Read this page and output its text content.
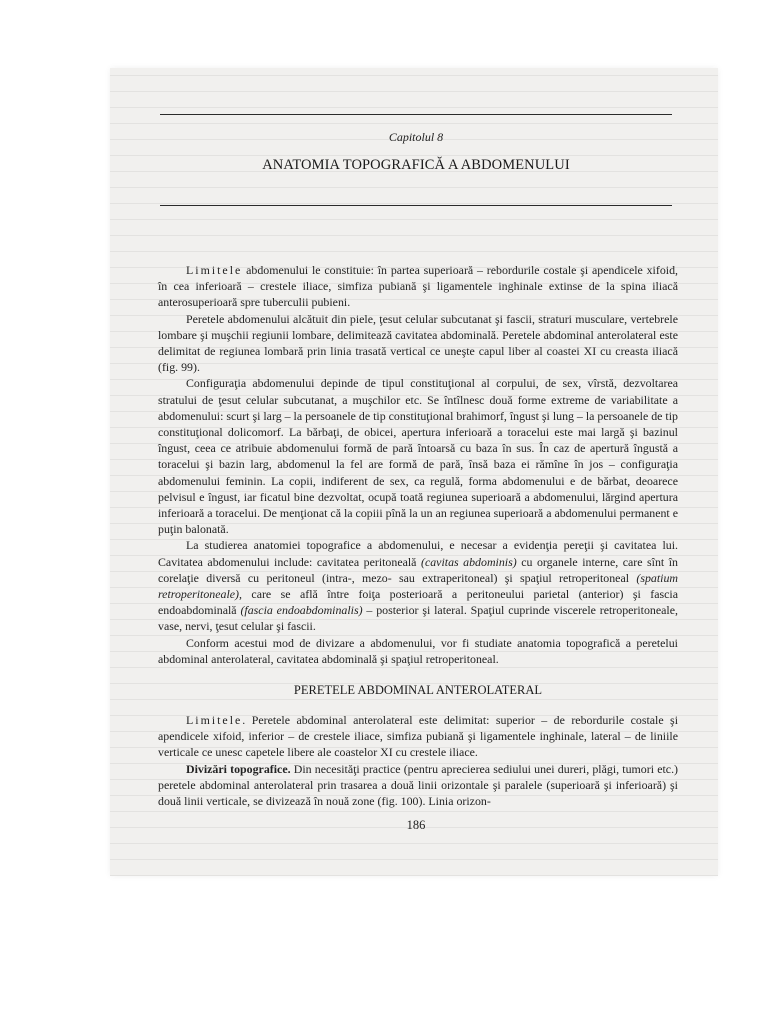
Capitolul 8
ANATOMIA TOPOGRAFICĂ A ABDOMENULUI

Limitele abdomenului le constituie: în partea superioară – rebordurile costale şi apendicele xifoid, în cea inferioară – crestele iliace, simfiza pubiană şi ligamentele inghinale extinse de la spina iliacă anterosuperioară spre tuberculii pubieni.

Peretele abdomenului alcătuit din piele, ţesut celular subcutanat şi fascii, straturi musculare, vertebrele lombare şi muşchii regiunii lombare, delimitează cavitatea abdominală. Peretele abdominal anterolateral este delimitat de regiunea lombară prin linia trasată vertical ce uneşte capul liber al coastei XI cu creasta iliacă (fig. 99).

Configuraţia abdomenului depinde de tipul constituţional al corpului, de sex, vîrstă, dezvoltarea stratului de ţesut celular subcutanat, a muşchilor etc. Se întîlnesc două forme extreme de variabilitate a abdomenului: scurt şi larg – la persoanele de tip constituţional brahimorf, îngust şi lung – la persoanele de tip constituţional dolicomorf. La bărbaţi, de obicei, apertura inferioară a toracelui este mai largă şi bazinul îngust, ceea ce atribuie abdomenului formă de pară întoarsă cu baza în sus. În caz de apertură îngustă a toracelui şi bazin larg, abdomenul la fel are formă de pară, însă baza ei rămîne în jos – configuraţia abdomenului feminin. La copii, indiferent de sex, ca regulă, forma abdomenului e de bărbat, deoarece pelvisul e îngust, iar ficatul bine dezvoltat, ocupă toată regiunea superioară a abdomenului, lărgind apertura inferioară a toracelui. De menţionat că la copiii pînă la un an regiunea superioară a abdomenului permanent e puţin balonată.

La studierea anatomiei topografice a abdomenului, e necesar a evidenţia pereţii şi cavitatea lui. Cavitatea abdomenului include: cavitatea peritoneală (cavitas abdominis) cu organele interne, care sînt în corelaţie diversă cu peritoneul (intra-, mezo- sau extraperitoneal) şi spaţiul retroperitoneal (spatium retroperitoneale), care se află între foiţa posterioară a peritoneului parietal (anterior) şi fascia endoabdominală (fascia endoabdominalis) – posterior şi lateral. Spaţiul cuprinde viscerele retroperitoneale, vase, nervi, ţesut celular şi fascii.

Conform acestui mod de divizare a abdomenului, vor fi studiate anatomia topografică a peretelui abdominal anterolateral, cavitatea abdominală şi spaţiul retroperitoneal.

PERETELE ABDOMINAL ANTEROLATERAL

Limitele. Peretele abdominal anterolateral este delimitat: superior – de rebordurile costale şi apendicele xifoid, inferior – de crestele iliace, simfiza pubiană şi ligamentele inghinale, lateral – de liniile verticale ce unesc capetele libere ale coastelor XI cu crestele iliace.

Divizări topografice. Din necesităţi practice (pentru aprecierea sediului unei dureri, plăgi, tumori etc.) peretele abdominal anterolateral prin trasarea a două linii orizontale şi paralele (superioară şi inferioară) şi două linii verticale, se divizează în nouă zone (fig. 100). Linia orizon-

186
